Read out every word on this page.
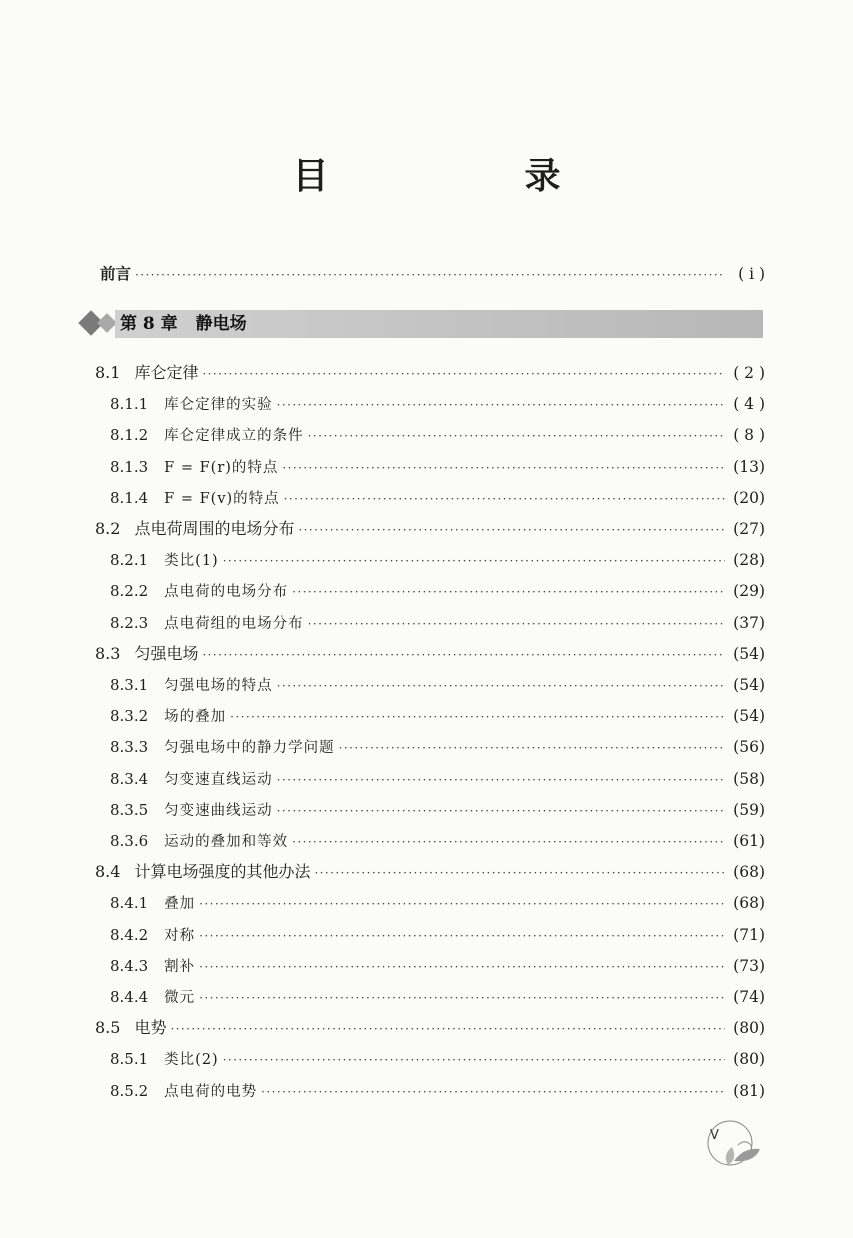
目　录
前言 ·····	( ⅰ )
第 8 章 静电场
8.1 库仑定律 ·····	( 2 )
8.1.1 库仑定律的实验 ·····	( 4 )
8.1.2 库仑定律成立的条件 ·····	( 8 )
8.1.3 F = F(r)的特点 ·····	(13)
8.1.4 F = F(v)的特点 ·····	(20)
8.2 点电荷周围的电场分布 ·····	(27)
8.2.1 类比(1) ·····	(28)
8.2.2 点电荷的电场分布 ·····	(29)
8.2.3 点电荷组的电场分布 ·····	(37)
8.3 匀强电场 ·····	(54)
8.3.1 匀强电场的特点 ·····	(54)
8.3.2 场的叠加 ·····	(54)
8.3.3 匀强电场中的静力学问题 ·····	(56)
8.3.4 匀变速直线运动 ·····	(58)
8.3.5 匀变速曲线运动 ·····	(59)
8.3.6 运动的叠加和等效 ·····	(61)
8.4 计算电场强度的其他办法 ·····	(68)
8.4.1 叠加 ·····	(68)
8.4.2 对称 ·····	(71)
8.4.3 割补 ·····	(73)
8.4.4 微元 ·····	(74)
8.5 电势 ·····	(80)
8.5.1 类比(2) ·····	(80)
8.5.2 点电荷的电势 ·····	(81)
V
